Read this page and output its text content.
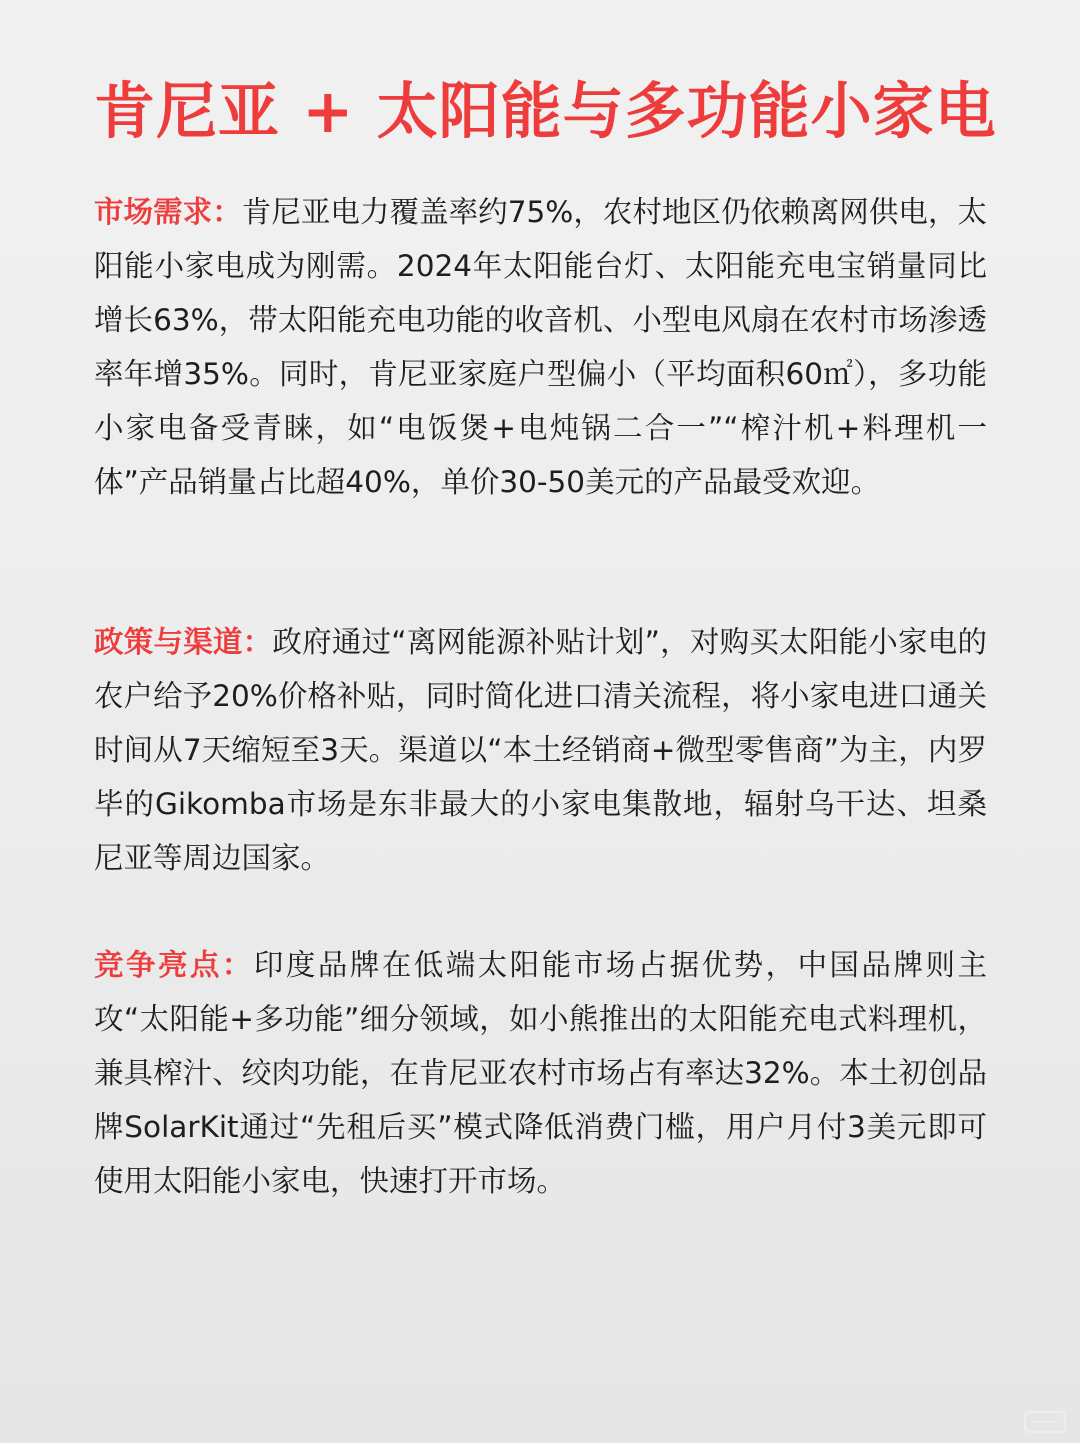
肯尼亚 + 太阳能与多功能小家电

市场需求：肯尼亚电力覆盖率约75%，农村地区仍依赖离网供电，太阳能小家电成为刚需。2024年太阳能台灯、太阳能充电宝销量同比增长63%，带太阳能充电功能的收音机、小型电风扇在农村市场渗透率年增35%。同时，肯尼亚家庭户型偏小（平均面积60㎡），多功能小家电备受青睐，如“电饭煲+电炖锅二合一”“榨汁机+料理机一体”产品销量占比超40%，单价30-50美元的产品最受欢迎。

政策与渠道：政府通过“离网能源补贴计划”，对购买太阳能小家电的农户给予20%价格补贴，同时简化进口清关流程，将小家电进口通关时间从7天缩短至3天。渠道以“本土经销商+微型零售商”为主，内罗毕的Gikomba市场是东非最大的小家电集散地，辐射乌干达、坦桑尼亚等周边国家。

竞争亮点：印度品牌在低端太阳能市场占据优势，中国品牌则主攻“太阳能+多功能”细分领域，如小熊推出的太阳能充电式料理机，兼具榨汁、绞肉功能，在肯尼亚农村市场占有率达32%。本土初创品牌SolarKit通过“先租后买”模式降低消费门槛，用户月付3美元即可使用太阳能小家电，快速打开市场。
